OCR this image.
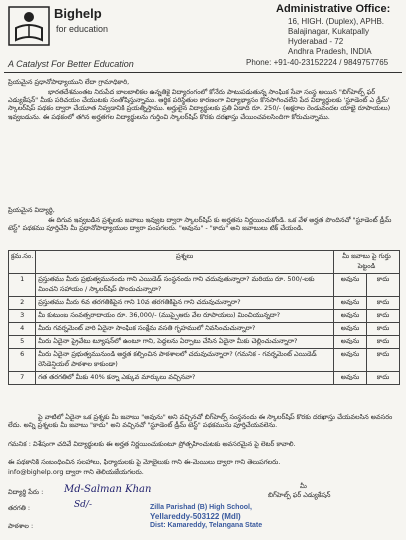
Bighelp
for education
A Catalyst For Better Education
Administrative Office:
16, HIGH. (Duplex), APHB.
Balajinagar, Kukatpally
Hyderabad - 72
Andhra Pradesh, INDIA
Phone: +91-40-23152224 / 9849757765
ప్రియమైన ప్రధానోపాధ్యాయుని లేదా గ్రామాధికారి,
భారతదేశమంతట నిరుపేద బాలబాలికల ఉన్నతికై విద్యారంగంలో కోనేరు పాటుపడుతున్న సాంఘిక సేవా సంస్థ అయిన "బిగ్‌హెల్ప్ ఫర్ ఎడ్యుకేషన్" మీకు పరిచయం చేయుటకు సంతోషిస్తున్నాము. ఆర్థిక పరిస్థితుల కారణంగా విద్యాభ్యాసం కొనసాగించలేని పేద విద్యార్థులకు 'స్టూడెంట్ ఎ డ్రీమ్' స్కాలర్‌షిప్ పథకం ద్వారా చేయూత నివ్వడానికి ప్రయత్నిస్తాము. అర్హులైన విద్యార్థులకు ప్రతి ఏడాది రూ. 250/- (అక్షరాల రెండువందల యాభై రూపాయలు) ఇవ్వబడును. ఈ పథకంలో తగిన అర్హతగల విద్యార్థులను గుర్తించి స్కాలర్‌షిప్ కొరకు దరఖాస్తు చేయించవలసిందిగా కోరుచున్నాము.
ప్రియమైన విద్యార్థి,
ఈ దిగువ ఇవ్వబడిన ప్రశ్నలకు జవాబు ఇవ్వుట ద్వారా స్కాలర్‌షిప్ కు అర్హతను నిర్ణయించుకోండి. ఒక వేళ అర్హత పొందినచో "స్టూడెంట్ డ్రీమ్ టెస్ట్" పథకము పూర్తిచేసి మీ ప్రధానోపాధ్యాయుల ద్వారా పంపగలరు. "అవును" - "కాదు" అని జవాబులు టిక్ చేయండి.
క్రమ.సం.	ప్రశ్నలు	మీ జవాబు పై గుర్తు పెట్టండి	
1	ప్రస్తుతము మీరు ప్రభుత్వమునందు గాని ఎయిడెడ్ సంస్థనందు గాని చదువుతున్నారా? మరియు రూ. 500/-లకు మించని సహాయం / స్కాలర్‌షిప్ పొందుచున్నారా?	అవును	కాదు
2	ప్రస్తుతము మీరు 6వ తరగతికిపైన గాని 10వ తరగతికిపైన గాని చదువుచున్నారా?	అవును	కాదు
3	మీ కుటుంబ సంవత్సరాదాయం రూ. 36,000/- (ముప్పైఆరు వేల రూపాయలు) మించియున్నదా?	అవును	కాదు
4	మీరు గవర్నమెంట్ వారి ఏదైనా సాంఘిక సంక్షేమ వసతి గృహములో నివసించుచున్నారా?	అవును	కాదు
5	మీరు ఏదైనా ప్రైవేటు ట్యూషన్‌లో ఉంటూ గాని, పెద్దలను ఏర్పాటు చేసిన ఏదైనా మీకు చెల్లించుచున్నారా?	అవును	కాదు
6	మీరు ఏదైనా ప్రభుత్వమునుండి అర్హత కల్పించిన పాఠశాలలో చదువుచున్నారా? (గమనిక - గవర్నమెంట్ ఎయిడెడ్ రెసిడెన్షియల్ పాఠశాల కాకుండా)	అవును	కాదు
7	గత తరగతిలో మీకు 40% కన్నా ఎక్కువ మార్కులు వచ్చినవా?	అవును	కాదు
పై వాటిలో ఏదైనా ఒక ప్రశ్నకు మీ జవాబు "అవును" అని వచ్చినచో బిగ్‌హెల్ప్ సంస్థనందు ఈ స్కాలర్‌షిప్ కొరకు దరఖాస్తు చేయవలసిన అవసరం లేదు. అన్ని ప్రశ్నలకు మీ జవాబు "కాదు" అని వచ్చినచో "స్టూడెంట్ డ్రీమ్ టెస్ట్" పథకమును పూర్తిచేయవలెను.
గమనిక : విశేషంగా చదివే విద్యార్థులకు ఈ అర్హత నిర్ణయించుకుంటూ ప్రోత్సహించుటకు అవసరమైన పై లెటర్ కావాలి.
ఈ పథకానికి సంబంధించిన సలహాలు, ఫిర్యాదులకు పై మోబైలుకు గాని ఈ-మెయిలు ద్వారా గాని తెలుపగలరు.
info@bighelp.org ద్వారా గాని తెలియజేయగలరు.
విద్యార్థి పేరు : Md-Salman Khan	మీ
బిగ్‌హెల్ప్ ఫర్ ఎడ్యుకేషన్
తరగతి :	Sd/-
పాఠశాల :
Zilla Parishad (B) High School,
Yellareddy-503122 (Mdl)
Dist: Kamareddy, Telangana State
